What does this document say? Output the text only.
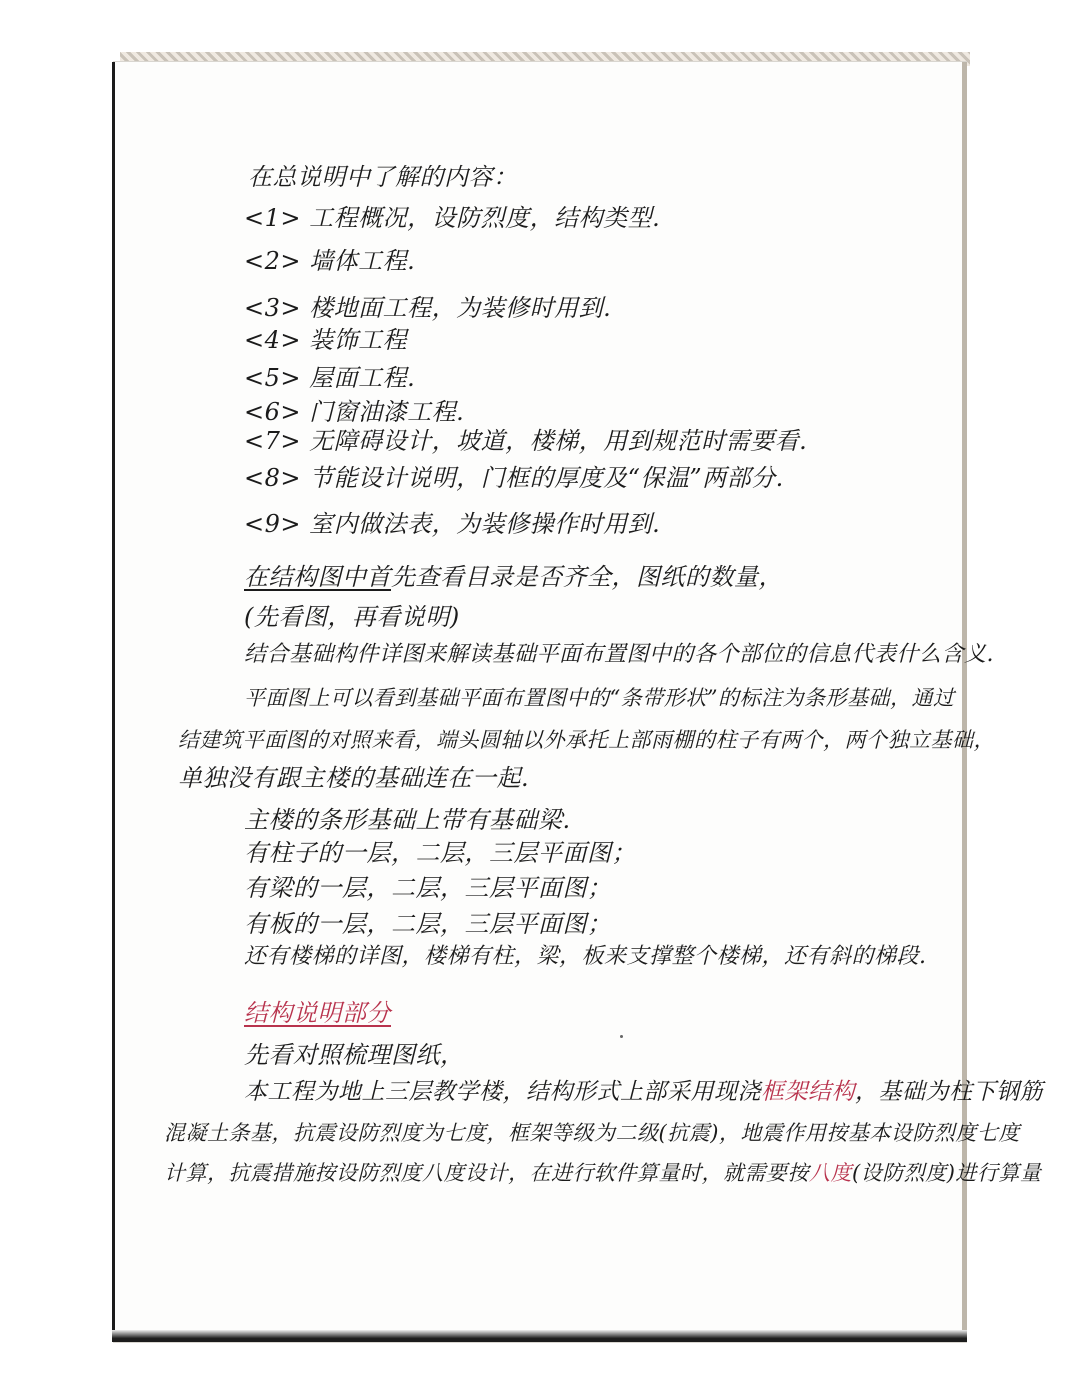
在总说明中了解的内容：
<1> 工程概况，设防烈度，结构类型.
<2> 墙体工程.
<3> 楼地面工程，为装修时用到.
<4> 装饰工程
<5> 屋面工程.
<6> 门窗油漆工程.
<7> 无障碍设计，坡道，楼梯，用到规范时需要看.
<8> 节能设计说明，门框的厚度及“保温”两部分.
<9> 室内做法表，为装修操作时用到.
在结构图中首先查看目录是否齐全，图纸的数量，
(先看图，再看说明)
结合基础构件详图来解读基础平面布置图中的各个部位的信息代表什么含义.
平面图上可以看到基础平面布置图中的“条带形状”的标注为条形基础，通过
结建筑平面图的对照来看，端头圆轴以外承托上部雨棚的柱子有两个，两个独立基础，
单独没有跟主楼的基础连在一起.
主楼的条形基础上带有基础梁.
有柱子的一层，二层，三层平面图；
有梁的一层，二层，三层平面图；
有板的一层，二层，三层平面图；
还有楼梯的详图，楼梯有柱，梁，板来支撑整个楼梯，还有斜的梯段.
结构说明部分
先看对照梳理图纸，
本工程为地上三层教学楼，结构形式上部采用现浇框架结构，基础为柱下钢筋
混凝土条基，抗震设防烈度为七度，框架等级为二级(抗震)，地震作用按基本设防烈度七度
计算，抗震措施按设防烈度八度设计，在进行软件算量时，就需要按八度(设防烈度)进行算量
